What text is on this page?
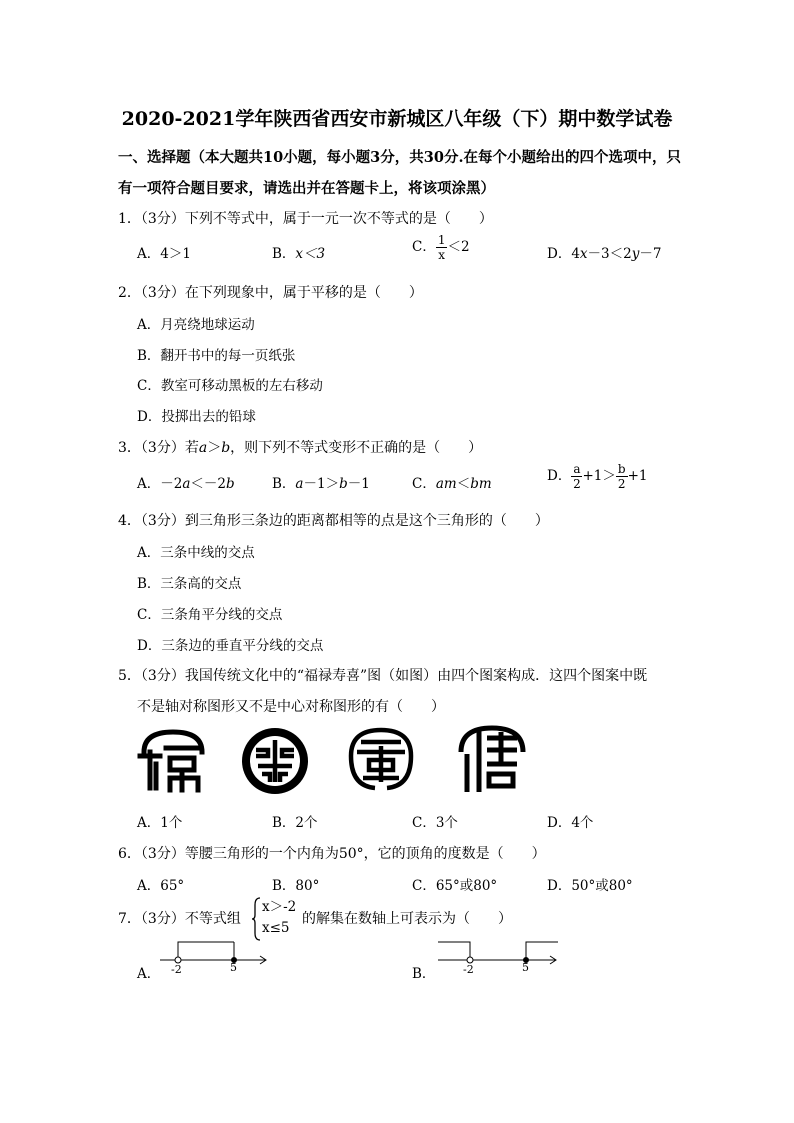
2020-2021学年陕西省西安市新城区八年级（下）期中数学试卷
一、选择题（本大题共10小题，每小题3分，共30分.在每个小题给出的四个选项中，只
有一项符合题目要求，请选出并在答题卡上，将该项涂黑）
1．（3分）下列不等式中，属于一元一次不等式的是（　　）
A．4＞1	B．x＜3	C． $\frac{1}{x} <2$	D．4x－3＜2y－7
2．（3分）在下列现象中，属于平移的是（　　）
A．月亮绕地球运动
B．翻开书中的每一页纸张
C．教室可移动黑板的左右移动
D．投掷出去的铅球
3．（3分）若a＞b，则下列不等式变形不正确的是（　　）
A．－2a＜－2b	B．a－1＞b－1	C．am＜bm	D． $\frac{a}{2} +1> \frac{b}{2} +1$
4．（3分）到三角形三条边的距离都相等的点是这个三角形的（　　）
A．三条中线的交点
B．三条高的交点
C．三条角平分线的交点
D．三条边的垂直平分线的交点
5．（3分）我国传统文化中的“福禄寿喜”图（如图）由四个图案构成．这四个图案中既
不是轴对称图形又不是中心对称图形的有（　　）
A．1个	B．2个	C．3个	D．4个
6．（3分）等腰三角形的一个内角为50°，它的顶角的度数是（　　）
A．65°	B．80°	C．65°或80°	D．50°或80°
7．（3分）不等式组
x＞-2
x≤5
的解集在数轴上可表示为（　　）
A． -2	5	B．	-2	5
